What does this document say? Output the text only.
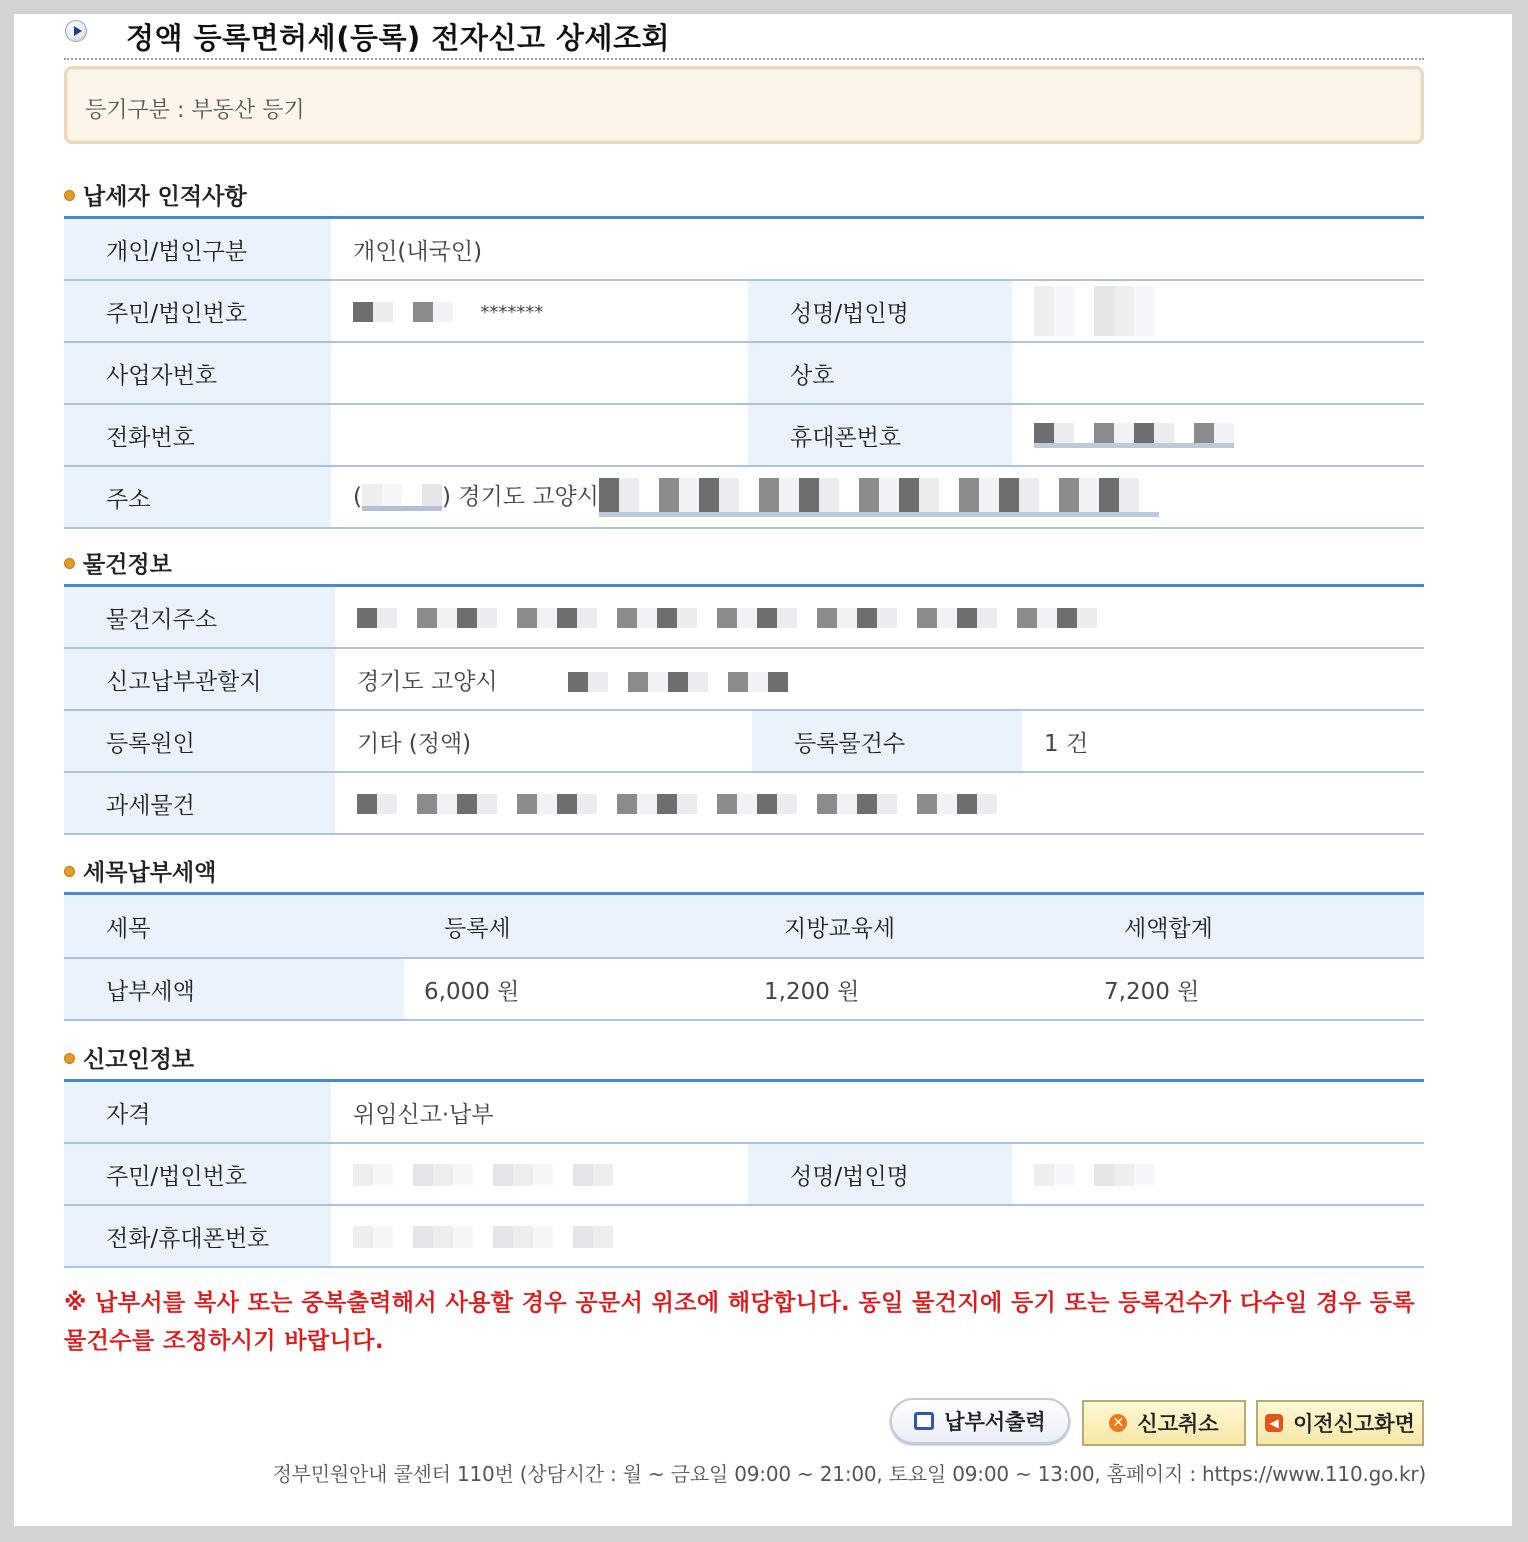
정액 등록면허세(등록) 전자신고 상세조회
등기구분 : 부동산 등기
납세자 인적사항
개인/법인구분	개인(내국인)		
주민/법인번호	*******	성명/법인명	
사업자번호		상호	
전화번호		휴대폰번호	
주소	( ) 경기도 고양시		
물건정보
물건지주소			
신고납부관할지	경기도 고양시		
등록원인	기타 (정액)	등록물건수	1 건
과세물건			
세목납부세액
세목	등록세	지방교육세	세액합계
납부세액	6,000 원	1,200 원	7,200 원
신고인정보
자격	위임신고·납부		
주민/법인번호		성명/법인명	
전화/휴대폰번호			
※ 납부서를 복사 또는 중복출력해서 사용할 경우 공문서 위조에 해당합니다. 동일 물건지에 등기 또는 등록건수가 다수일 경우 등록물건수를 조정하시기 바랍니다.
납부서출력	✕ 신고취소	◀ 이전신고화면
정부민원안내 콜센터 110번 (상담시간 : 월 ~ 금요일 09:00 ~ 21:00, 토요일 09:00 ~ 13:00, 홈페이지 : https://www.110.go.kr)
